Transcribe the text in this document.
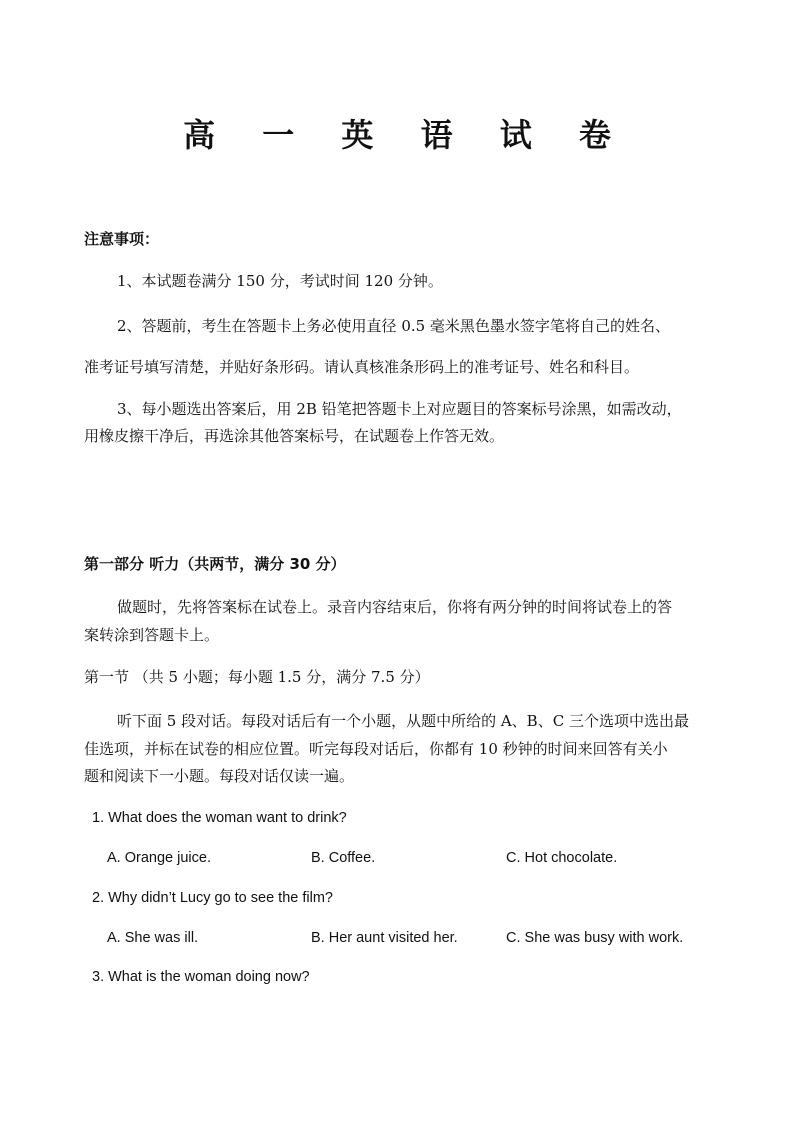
高 一 英 语 试 卷
注意事项：
1、本试题卷满分 150 分，考试时间 120 分钟。
2、答题前，考生在答题卡上务必使用直径 0.5 毫米黑色墨水签字笔将自己的姓名、
准考证号填写清楚，并贴好条形码。请认真核准条形码上的准考证号、姓名和科目。
3、每小题选出答案后，用 2B 铅笔把答题卡上对应题目的答案标号涂黑，如需改动，
用橡皮擦干净后，再选涂其他答案标号，在试题卷上作答无效。
第一部分 听力（共两节，满分 30 分）
做题时，先将答案标在试卷上。录音内容结束后，你将有两分钟的时间将试卷上的答
案转涂到答题卡上。
第一节 （共 5 小题；每小题 1.5 分，满分 7.5 分）
听下面 5 段对话。每段对话后有一个小题，从题中所给的 A、B、C 三个选项中选出最
佳选项，并标在试卷的相应位置。听完每段对话后，你都有 10 秒钟的时间来回答有关小
题和阅读下一小题。每段对话仅读一遍。
1. What does the woman want to drink?
A. Orange juice.	B. Coffee.	C. Hot chocolate.
2. Why didn’t Lucy go to see the film?
A. She was ill.	B. Her aunt visited her.	C. She was busy with work.
3. What is the woman doing now?
